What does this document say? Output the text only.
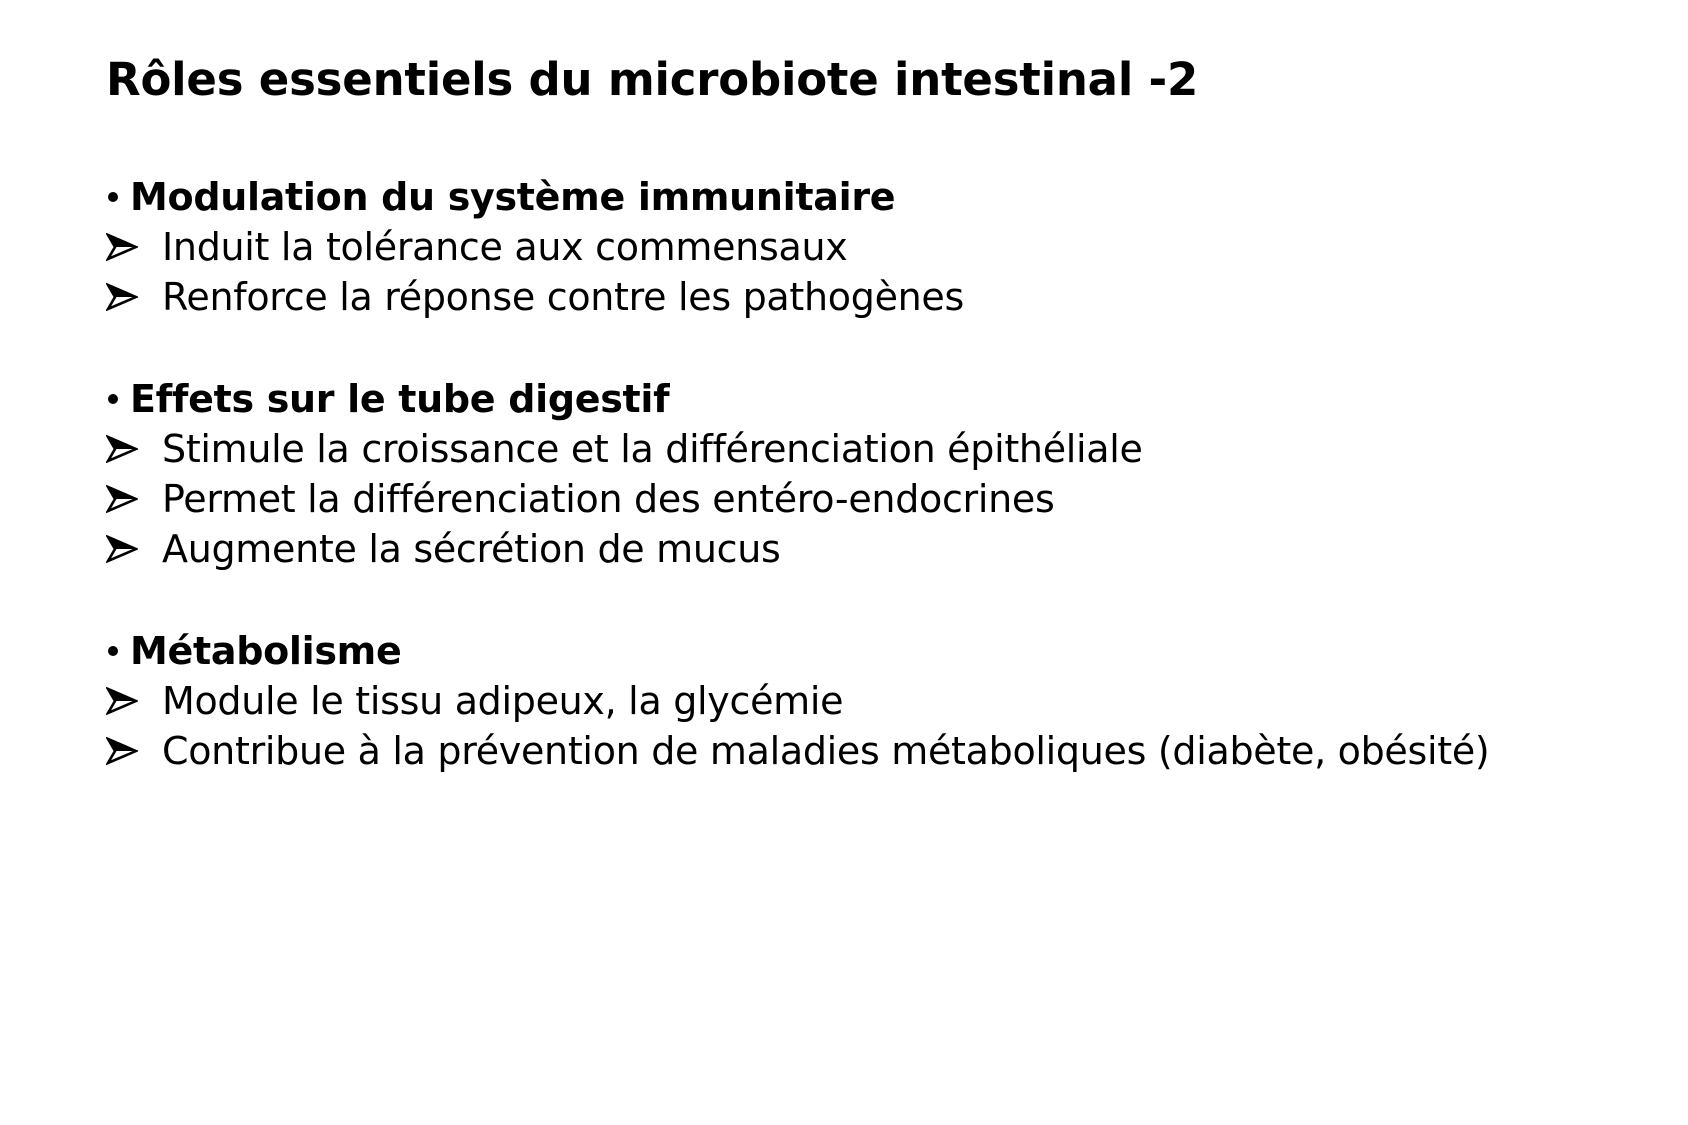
Rôles essentiels du microbiote intestinal -2
Modulation du système immunitaire
Induit la tolérance aux commensaux
Renforce la réponse contre les pathogènes
Effets sur le tube digestif
Stimule la croissance et la différenciation épithéliale
Permet la différenciation des entéro-endocrines
Augmente la sécrétion de mucus
Métabolisme
Module le tissu adipeux, la glycémie
Contribue à la prévention de maladies métaboliques (diabète, obésité)
